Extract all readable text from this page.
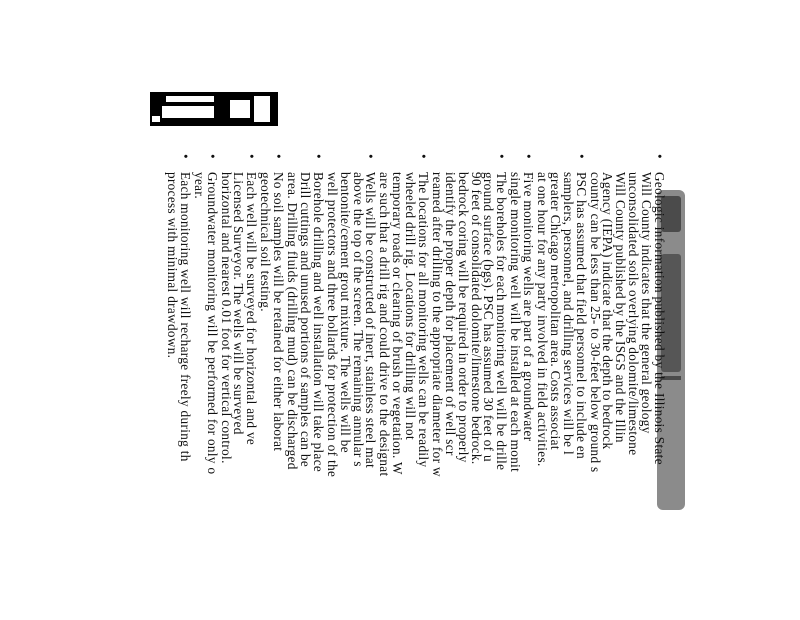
• Geologic information published by the Illinois State
Will County indicates that the general geology
unconsolidated soils overlying dolomite/limestone
Will County published by the ISGS and the Illin
Agency (IEPA) indicate that the depth to bedrock
county can be less than 25- to 30-feet below ground s
• PSC has assumed that field personnel to include en
samplers, personnel, and drilling services will be l
greater Chicago metropolitan area. Costs associat
at one hour for any party involved in field activities.
• Five monitoring wells are part of a groundwater
single monitoring well will be installed at each monit
• The boreholes for each monitoring well will be drille
ground surface (bgs). PSC has assumed 30 feet of u
90 feet of consolidated dolomite/limestone bedrock.
bedrock coring will be required in order to properly
identify the proper depth for placement of well scr
reamed after drilling to the appropriate diameter for w
• The locations for all monitoring wells can be readily
wheeled drill rig. Locations for drilling will not
temporary roads or clearing of brush or vegetation. W
are such that a drill rig and could drive to the designat
• Wells will be constructed of inert, stainless steel mat
above the top of the screen. The remaining annular s
bentonite/cement grout mixture. The wells will be
well protectors and three bollards for protection of the
• Borehole drilling and well installation will take place
Drill cuttings and unused portions of samples can be
area. Drilling fluids (drilling mud) can be discharged
• No soil samples will be retained for either laborat
geotechnical soil testing.
• Each well will be surveyed for horizontal and ve
Licensed Surveyor. The wells will be surveyed
horizontal and nearest 0.01 foot for vertical control.
• Groundwater monitoring will be performed for only o
year.
• Each monitoring well will recharge freely during th
process with minimal drawdown.
